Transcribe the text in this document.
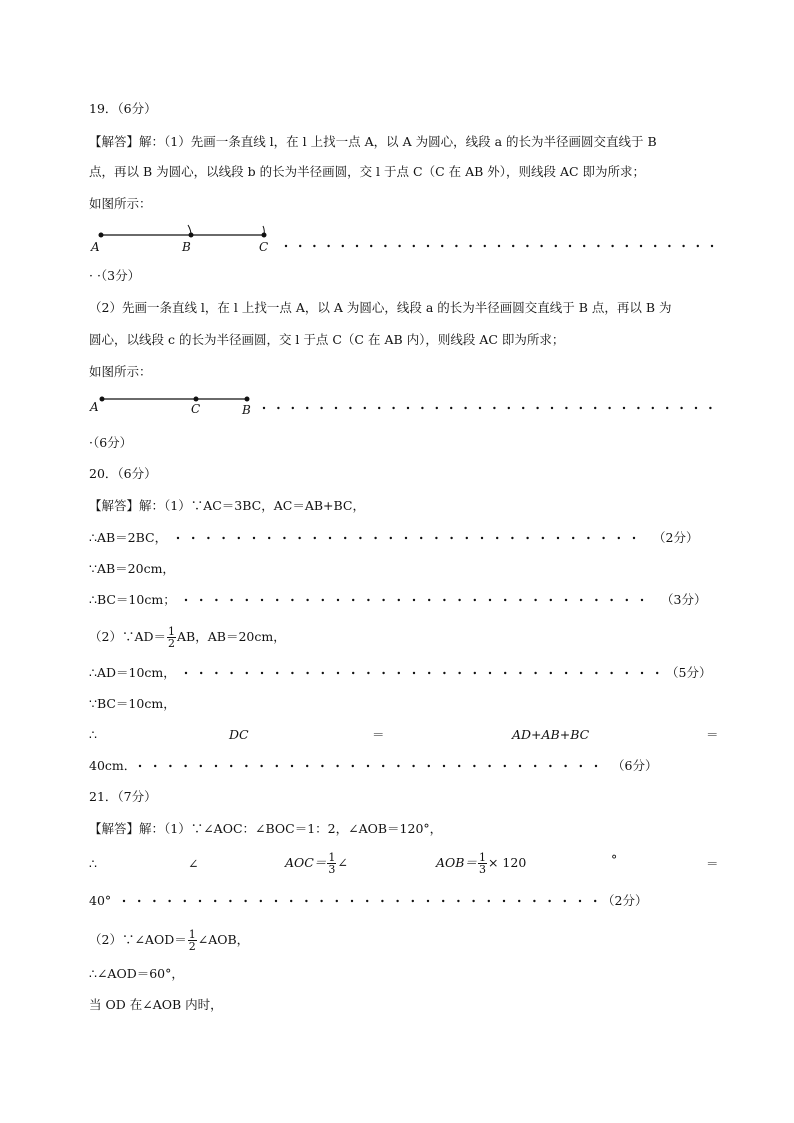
19．（6分）
【解答】解：（1）先画一条直线 l，在 l 上找一点 A，以 A 为圆心，线段 a 的长为半径画圆交直线于 B
点，再以 B 为圆心，以线段 b 的长为半径画圆，交 l 于点 C（C 在 AB 外），则线段 AC 即为所求；
如图所示：
A	B	C
· ·（3分）
（2）先画一条直线 l，在 l 上找一点 A，以 A 为圆心，线段 a 的长为半径画圆交直线于 B 点，再以 B 为
圆心，以线段 c 的长为半径画圆，交 l 于点 C（C 在 AB 内），则线段 AC 即为所求；
如图所示：
A	C	B
·（6分）
20．（6分）
【解答】解：（1）∵AC＝3BC，AC＝AB+BC，
∴AB＝2BC，	（2分）
∵AB＝20cm，
∴BC＝10cm；	（3分）
（2）∵AD＝ $\frac{1}{2}$ AB，AB＝20cm，
∴AD＝10cm，	（5分）
∵BC＝10cm，
∴	DC	＝	AD+AB+BC	＝
40cm．	（6分）
21．（7分）
【解答】解：（1）∵∠AOC：∠BOC＝1：2，∠AOB＝120°，
∴	∠	$AOC= \frac{1}{3}$ ∠	$AOB= \frac{1}{3} \times 120$	°	＝
40°	（2分）
（2）∵∠AOD＝ $\frac{1}{2}$ ∠AOB，
∴∠AOD＝60°，
当 OD 在∠AOB 内时，
